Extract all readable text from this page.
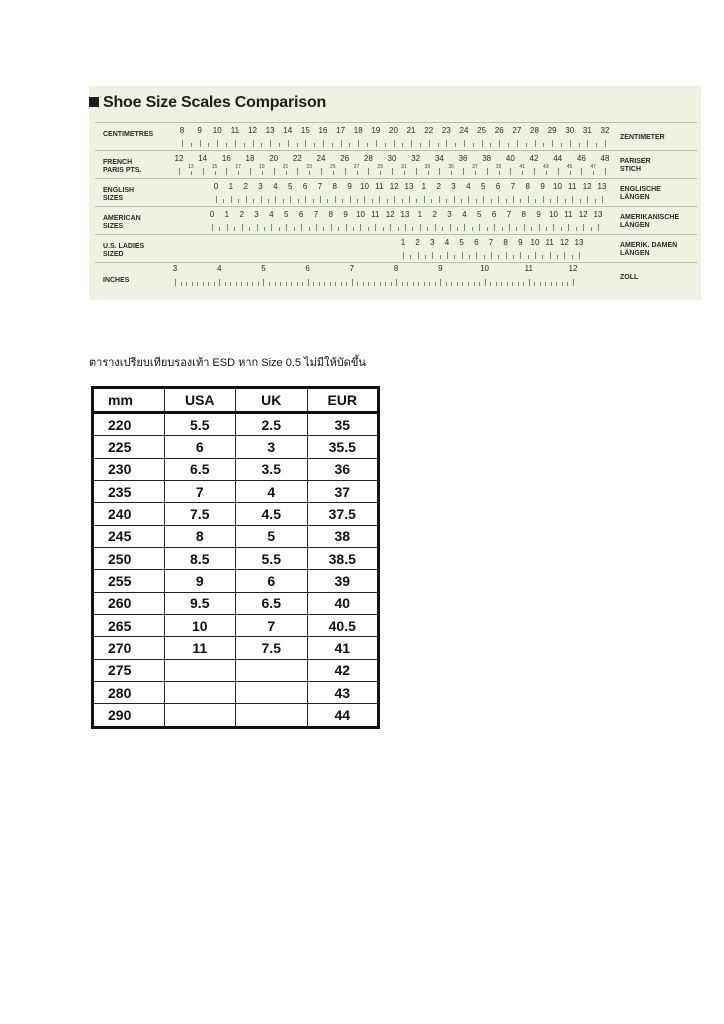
Shoe Size Scales Comparison
CENTIMETRES	ZENTIMETER
8 9 10 11 12 13 14 15 16 17 18 19 20 21 22 23 24 25 26 27 28 29 30 31 32
FRENCH
PARIS PTS.
PARISER
STICH
12 14 16 18 20 22 24 26 28 30 32 34 36 38 40 42 44 46 48
13	15	17	19	21	23	25	27	29	31	33	35	37	39	41	43	45	47
ENGLISH
SIZES
ENGLISCHE
LÄNGEN
0 1 2 3 4 5 6 7 8 9 10 11 12 13 1 2 3 4 5 6 7 8 9 10 11 12 13
AMERICAN
SIZES
AMERIKANISCHE
LÄNGEN
0 1 2 3 4 5 6 7 8 9 10 11 12 13 1 2 3 4 5 6 7 8 9 10 11 12 13
U.S. LADIES
SIZED
AMERIK. DAMEN
LÄNGEN
1 2 3 4 5 6 7 8 9 10 11 12 13
INCHES	ZOLL
3	4	5	6	7	8	9	10	11	12
ตารางเปรียบเทียบรองเท้า ESD หาก Size 0.5 ไม่มีให้บัดขึ้น
mm	USA	UK	EUR
220	5.5	2.5	35
225	6	3	35.5
230	6.5	3.5	36
235	7	4	37
240	7.5	4.5	37.5
245	8	5	38
250	8.5	5.5	38.5
255	9	6	39
260	9.5	6.5	40
265	10	7	40.5
270	11	7.5	41
275			42
280			43
290			44
